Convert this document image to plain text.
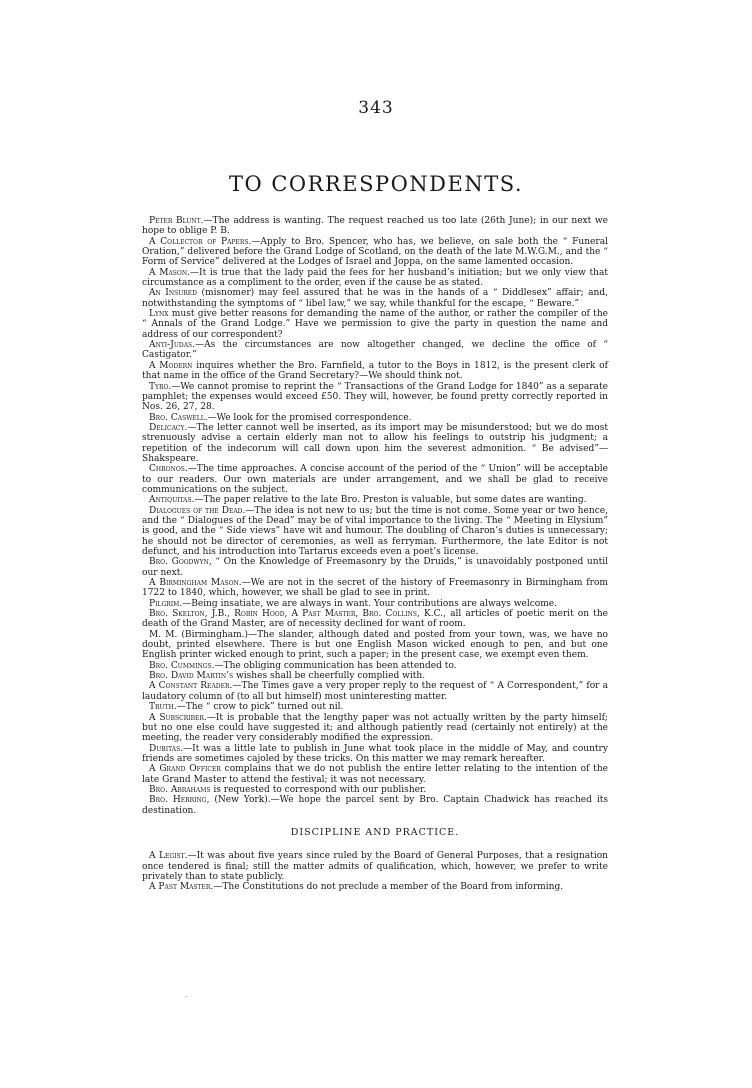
343
TO CORRESPONDENTS.

Peter Blunt.—The address is wanting. The request reached us too late (26th June); in our next we hope to oblige P. B.

A Collector of Papers.—Apply to Bro. Spencer, who has, we believe, on sale both the “ Funeral Oration,” delivered before the Grand Lodge of Scotland, on the death of the late M.W.G.M., and the “ Form of Service” delivered at the Lodges of Israel and Joppa, on the same lamented occasion.

A Mason.—It is true that the lady paid the fees for her husband’s initiation; but we only view that circumstance as a compliment to the order, even if the cause be as stated.

An Insured (misnomer) may feel assured that he was in the hands of a “ Diddlesex” affair; and, notwithstanding the symptoms of “ libel law,” we say, while thankful for the escape, “ Beware.”

Lynx must give better reasons for demanding the name of the author, or rather the compiler of the “ Annals of the Grand Lodge.” Have we permission to give the party in question the name and address of our correspondent?

Anti-Judas.—As the circumstances are now altogether changed, we decline the office of “ Castigator.”

A Modern inquires whether the Bro. Farnfield, a tutor to the Boys in 1812, is the present clerk of that name in the office of the Grand Secretary?—We should think not.

Tyro.—We cannot promise to reprint the “ Transactions of the Grand Lodge for 1840” as a separate pamphlet; the expenses would exceed £50. They will, however, be found pretty correctly reported in Nos. 26, 27, 28.

Bro. Caswell.—We look for the promised correspondence.

Delicacy.—The letter cannot well be inserted, as its import may be misunderstood; but we do most strenuously advise a certain elderly man not to allow his feelings to outstrip his judgment; a repetition of the indecorum will call down upon him the severest admonition. “ Be advised”—Shakspeare.

Chronos.—The time approaches. A concise account of the period of the “ Union” will be acceptable to our readers. Our own materials are under arrangement, and we shall be glad to receive communications on the subject.

Antiquitas.—The paper relative to the late Bro. Preston is valuable, but some dates are wanting.

Dialogues of the Dead.—The idea is not new to us; but the time is not come. Some year or two hence, and the “ Dialogues of the Dead” may be of vital importance to the living. The “ Meeting in Elysium” is good, and the “ Side views” have wit and humour. The doubling of Charon’s duties is unnecessary; he should not be director of ceremonies, as well as ferryman. Furthermore, the late Editor is not defunct, and his introduction into Tartarus exceeds even a poet’s license.

Bro. Goodwyn, “ On the Knowledge of Freemasonry by the Druids,” is unavoidably postponed until our next.

A Birmingham Mason.—We are not in the secret of the history of Freemasonry in Birmingham from 1722 to 1840, which, however, we shall be glad to see in print.

Pilgrim.—Being insatiate, we are always in want. Your contributions are always welcome.

Bro. Skelton, J.B., Robin Hood, A Past Master, Bro. Collins, K.C., all articles of poetic merit on the death of the Grand Master, are of necessity declined for want of room.

M. M. (Birmingham.)—The slander, although dated and posted from your town, was, we have no doubt, printed elsewhere. There is but one English Mason wicked enough to pen, and but one English printer wicked enough to print, such a paper; in the present case, we exempt even them.

Bro. Cummings.—The obliging communication has been attended to.

Bro. David Martin’s wishes shall be cheerfully complied with.

A Constant Reader.—The Times gave a very proper reply to the request of “ A Correspondent,” for a laudatory column of (to all but himself) most uninteresting matter.

Truth.—The “ crow to pick” turned out nil.

A Subscriber.—It is probable that the lengthy paper was not actually written by the party himself; but no one else could have suggested it; and although patiently read (certainly not entirely) at the meeting, the reader very considerably modified the expression.

Dubitas.—It was a little late to publish in June what took place in the middle of May, and country friends are sometimes cajoled by these tricks. On this matter we may remark hereafter.

A Grand Officer complains that we do not publish the entire letter relating to the intention of the late Grand Master to attend the festival; it was not necessary.

Bro. Abrahams is requested to correspond with our publisher.

Bro. Herring, (New York).—We hope the parcel sent by Bro. Captain Chadwick has reached its destination.

DISCIPLINE AND PRACTICE.

A Legist.—It was about five years since ruled by the Board of General Purposes, that a resignation once tendered is final; still the matter admits of qualification, which, however, we prefer to write privately than to state publicly.

A Past Master.—The Constitutions do not preclude a member of the Board from informing.

-
